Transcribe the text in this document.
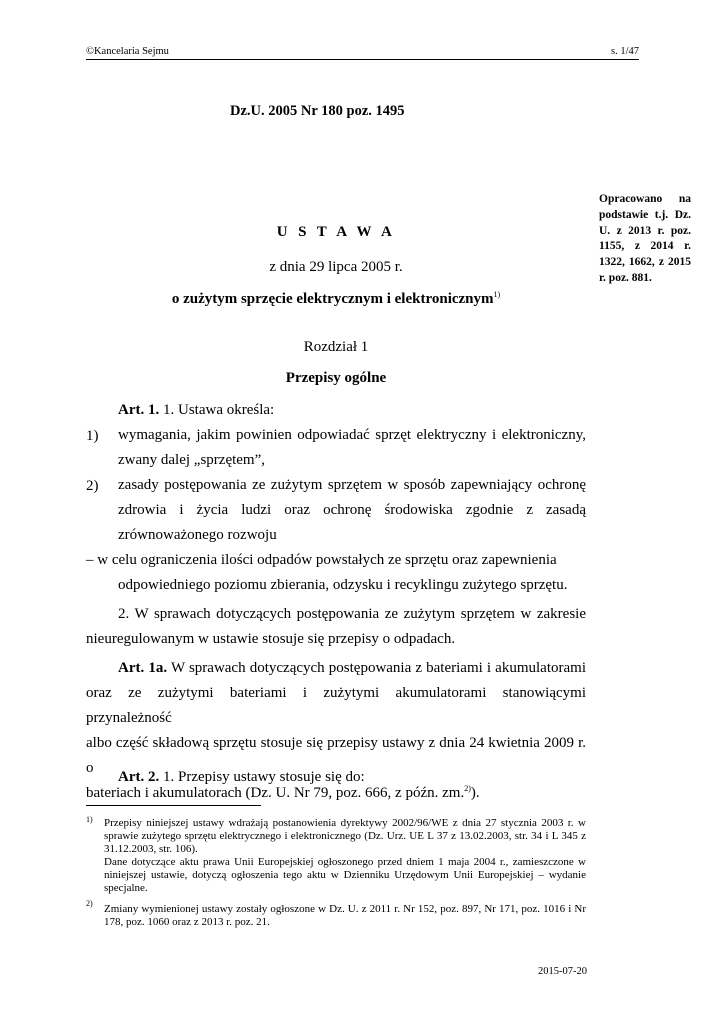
©Kancelaria Sejmu	s. 1/47
Dz.U. 2005 Nr 180 poz. 1495
Opracowano na podstawie t.j. Dz. U. z 2013 r. poz. 1155, z 2014 r. 1322, 1662, z 2015 r. poz. 881.
U S T A W A
z dnia 29 lipca 2005 r.
o zużytym sprzęcie elektrycznym i elektronicznym$^{1)}$
Rozdział 1
Przepisy ogólne
Art. 1. 1. Ustawa określa:
1) wymagania, jakim powinien odpowiadać sprzęt elektryczny i elektroniczny,
zwany dalej „sprzętem”,
2) zasady postępowania ze zużytym sprzętem w sposób zapewniający ochronę
zdrowia i życia ludzi oraz ochronę środowiska zgodnie z zasadą
zrównoważonego rozwoju
– w celu ograniczenia ilości odpadów powstałych ze sprzętu oraz zapewnienia
odpowiedniego poziomu zbierania, odzysku i recyklingu zużytego sprzętu.
2. W sprawach dotyczących postępowania ze zużytym sprzętem w zakresie
nieuregulowanym w ustawie stosuje się przepisy o odpadach.
Art. 1a. W sprawach dotyczących postępowania z bateriami i akumulatorami
oraz ze zużytymi bateriami i zużytymi akumulatorami stanowiącymi przynależność
albo część składową sprzętu stosuje się przepisy ustawy z dnia 24 kwietnia 2009 r. o
bateriach i akumulatorach (Dz. U. Nr 79, poz. 666, z późn. zm.$^{2)}$).
Art. 2. 1. Przepisy ustawy stosuje się do:
1) Przepisy niniejszej ustawy wdrażają postanowienia dyrektywy 2002/96/WE z dnia 27 stycznia 2003 r. w sprawie zużytego sprzętu elektrycznego i elektronicznego (Dz. Urz. UE L 37 z 13.02.2003, str. 34 i L 345 z 31.12.2003, str. 106).
Dane dotyczące aktu prawa Unii Europejskiej ogłoszonego przed dniem 1 maja 2004 r., zamieszczone w niniejszej ustawie, dotyczą ogłoszenia tego aktu w Dzienniku Urzędowym Unii Europejskiej – wydanie specjalne.
2) Zmiany wymienionej ustawy zostały ogłoszone w Dz. U. z 2011 r. Nr 152, poz. 897, Nr 171, poz. 1016 i Nr 178, poz. 1060 oraz z 2013 r. poz. 21.
2015-07-20
